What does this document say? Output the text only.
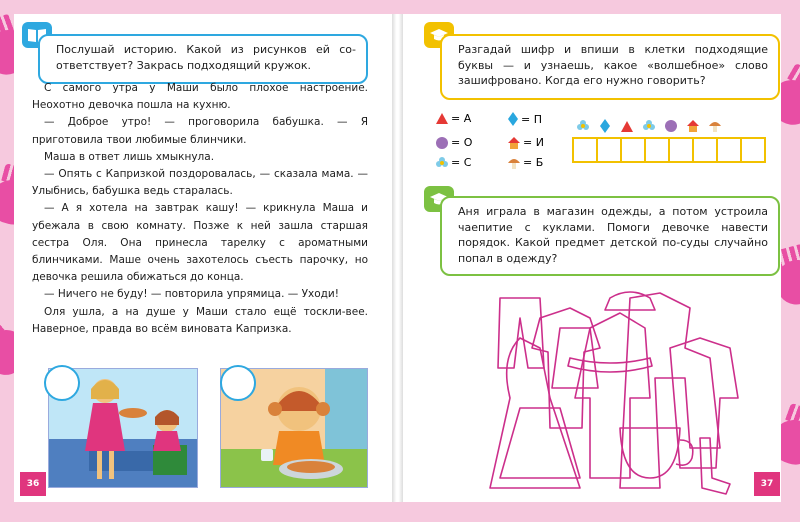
Послушай историю. Какой из рисунков ей со-ответствует? Закрась подходящий кружок.

С самого утра у Маши было плохое настроение. Неохотно девочка пошла на кухню.

— Доброе утро! — проговорила бабушка. — Я приготовила твои любимые блинчики.

Маша в ответ лишь хмыкнула.

— Опять с Капризкой поздоровалась, — сказала мама. — Улыбнись, бабушка ведь старалась.

— А я хотела на завтрак кашу! — крикнула Маша и убежала в свою комнату. Позже к ней зашла старшая сестра Оля. Она принесла тарелку с ароматными блинчиками. Маше очень захотелось съесть парочку, но девочка решила обижаться до конца.

— Ничего не буду! — повторила упрямица. — Уходи!

Оля ушла, а на душе у Маши стало ещё тоскли-вее. Наверное, правда во всём виновата Капризка.

36
Разгадай шифр и впиши в клетки подходящие буквы — и узнаешь, какое «волшебное» слово зашифровано. Когда его нужно говорить?
= А	= П
= О	= И
= С	= Б
Аня играла в магазин одежды, а потом устроила чаепитие с куклами. Помоги девочке навести порядок. Какой предмет детской по-суды случайно попал в одежду?
37
